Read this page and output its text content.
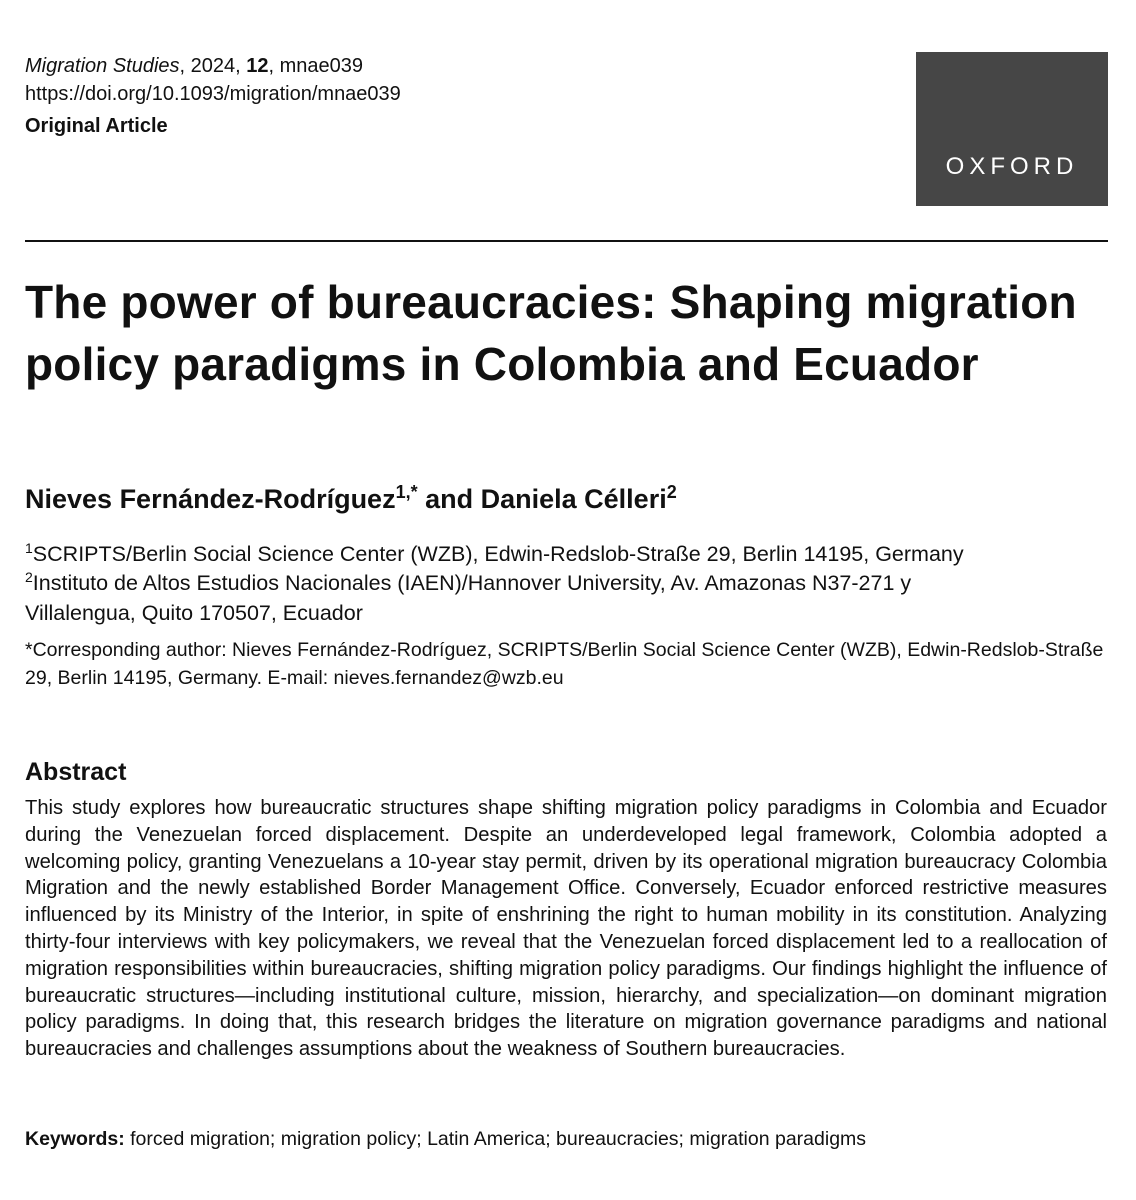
Migration Studies, 2024, 12, mnae039
https://doi.org/10.1093/migration/mnae039
Original Article
OXFORD
The power of bureaucracies: Shaping migration policy paradigms in Colombia and Ecuador
Nieves Fernández-Rodríguez$^{1,*}$ and Daniela Célleri$^2$
$^1$SCRIPTS/Berlin Social Science Center (WZB), Edwin-Redslob-Straße 29, Berlin 14195, Germany
$^2$Instituto de Altos Estudios Nacionales (IAEN)/Hannover University, Av. Amazonas N37-271 y
Villalengua, Quito 170507, Ecuador
*Corresponding author: Nieves Fernández-Rodríguez, SCRIPTS/Berlin Social Science Center (WZB), Edwin-Redslob-Straße 29, Berlin 14195, Germany. E-mail: nieves.fernandez@wzb.eu
Abstract

This study explores how bureaucratic structures shape shifting migration policy paradigms in Colombia and Ecuador during the Venezuelan forced displacement. Despite an underdeveloped legal framework, Colombia adopted a welcoming policy, granting Venezuelans a 10-year stay permit, driven by its operational migration bureaucracy Colombia Migration and the newly established Border Management Office. Conversely, Ecuador enforced restrictive measures influenced by its Ministry of the Interior, in spite of enshrining the right to human mobility in its constitution. Analyzing thirty-four interviews with key policymakers, we reveal that the Venezuelan forced displacement led to a reallocation of migration responsibilities within bureaucracies, shifting migration policy paradigms. Our findings highlight the influence of bureaucratic structures—including institutional culture, mission, hierarchy, and specialization—on dominant migration policy paradigms. In doing that, this research bridges the literature on migration governance paradigms and national bureaucracies and challenges assumptions about the weakness of Southern bureaucracies.

Keywords: forced migration; migration policy; Latin America; bureaucracies; migration paradigms
